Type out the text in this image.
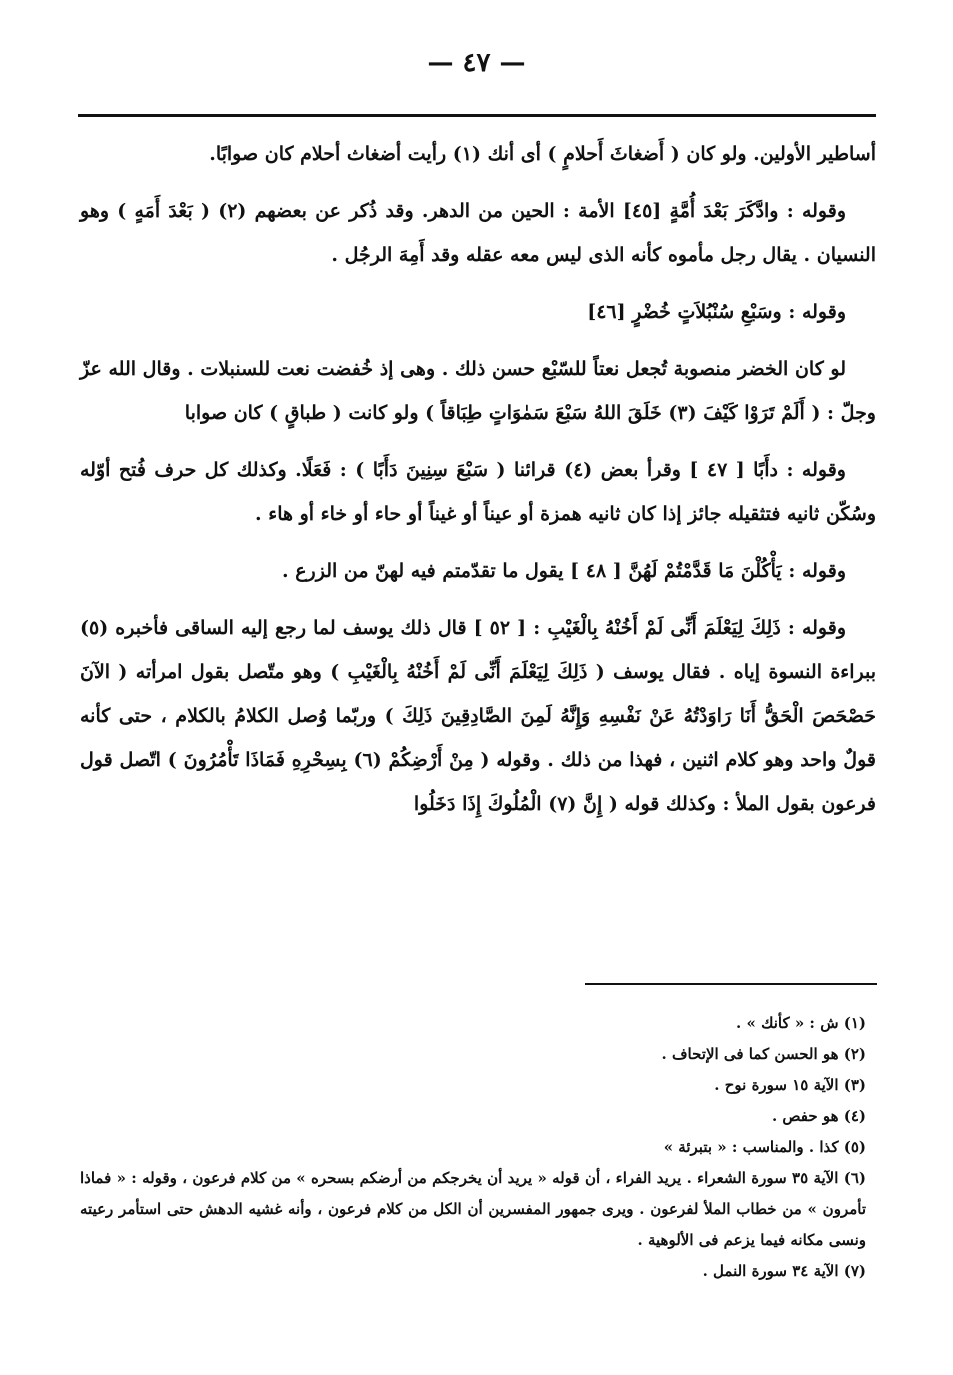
— ٤٧ —

أساطير الأولين. ولو كان ( أَضغاثَ أَحلامٍ ) أى أنك (١) رأيت أضغاث أحلام كان صوابًا.

وقوله : وادَّكَرَ بَعْدَ أُمَّةٍ [٤٥] الأمة : الحين من الدهر. وقد ذُكر عن بعضهم (٢) ( بَعْدَ أَمَهٍ ) وهو النسيان . يقال رجل مأموه كأنه الذى ليس معه عقله وقد أَمِهَ الرجُل .

وقوله : وسَبْعِ سُنْبُلاَتٍ خُضْرٍ [٤٦]

لو كان الخضر منصوبة تُجعل نعتاً للسّبْع حسن ذلك . وهى إذ خُفضت نعت للسنبلات . وقال الله عزّ وجلّ : ( أَلَمْ تَرَوْا كَيْفَ (٣) خَلَقَ اللهُ سَبْعَ سَمٰوَاتٍ طِبَاقاً ) ولو كانت ( طباقٍ ) كان صوابا

وقوله : دأَبًا [ ٤٧ ] وقرأ بعض (٤) قرائنا ( سَبْعَ سِنِينَ دَأَبًا ) : فَعَلًا. وكذلك كل حرف فُتح أوّله وسُكّن ثانيه فتثقيله جائز إذا كان ثانيه همزة أو عيناً أو غيناً أو حاء أو خاء أو هاء .

وقوله : يَأْكُلْنَ مَا قَدَّمْتُمْ لَهُنَّ [ ٤٨ ] يقول ما تقدّمتم فيه لهنّ من الزرع .

وقوله : ذَلِكَ لِيَعْلَمَ أَنِّى لَمْ أَخُنْهُ بِالْغَيْبِ : [ ٥٢ ] قال ذلك يوسف لما رجع إليه الساقى فأخبره (٥) ببراءة النسوة إياه . فقال يوسف ( ذَلِكَ لِيَعْلَمَ أَنِّى لَمْ أَخُنْهُ بِالْغَيْبِ ) وهو متّصل بقول امرأته ( الآنَ حَصْحَصَ الْحَقُّ أَنَا رَاوَدْتُهُ عَنْ نَفْسِهِ وَإِنَّهُ لَمِنَ الصَّادِقِينَ ذَلِكَ ) وربّما وُصل الكلامُ بالكلام ، حتى كأنه قولٌ واحد وهو كلام اثنين ، فهذا من ذلك . وقوله ( مِنْ أَرْضِكُمْ (٦) بِسِحْرِهِ فَمَاذَا تَأْمُرُونَ ) اتّصل قول فرعون بقول الملأ : وكذلك قوله ( إِنَّ (٧) الْمُلُوكَ إِذَا دَخَلُوا

(١) ش : « كأنك » .
(٢) هو الحسن كما فى الإتحاف .
(٣) الآية ١٥ سورة نوح .
(٤) هو حفص .
(٥) كذا . والمناسب : « بتبرئة »
(٦) الآية ٣٥ سورة الشعراء . يريد الفراء ، أن قوله « يريد أن يخرجكم من أرضكم بسحره » من كلام فرعون ، وقوله : « فماذا تأمرون » من خطاب الملأ لفرعون . ويرى جمهور المفسرين أن الكل من كلام فرعون ، وأنه غشيه الدهش حتى استأمر رعيته ونسى مكانه فيما يزعم فى الألوهية .
(٧) الآية ٣٤ سورة النمل .
